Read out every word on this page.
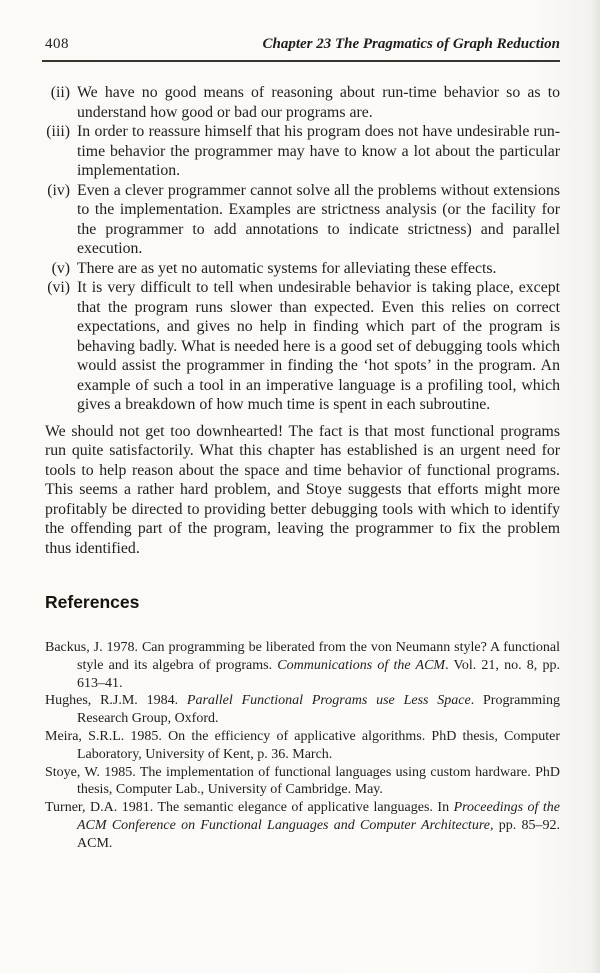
408	Chapter 23 The Pragmatics of Graph Reduction
(ii) We have no good means of reasoning about run-time behavior so as to understand how good or bad our programs are.
(iii) In order to reassure himself that his program does not have undesirable run-time behavior the programmer may have to know a lot about the particular implementation.
(iv) Even a clever programmer cannot solve all the problems without extensions to the implementation. Examples are strictness analysis (or the facility for the programmer to add annotations to indicate strictness) and parallel execution.
(v) There are as yet no automatic systems for alleviating these effects.
(vi) It is very difficult to tell when undesirable behavior is taking place, except that the program runs slower than expected. Even this relies on correct expectations, and gives no help in finding which part of the program is behaving badly. What is needed here is a good set of debugging tools which would assist the programmer in finding the ‘hot spots’ in the program. An example of such a tool in an imperative language is a profiling tool, which gives a breakdown of how much time is spent in each subroutine.

We should not get too downhearted! The fact is that most functional programs run quite satisfactorily. What this chapter has established is an urgent need for tools to help reason about the space and time behavior of functional programs. This seems a rather hard problem, and Stoye suggests that efforts might more profitably be directed to providing better debugging tools with which to identify the offending part of the program, leaving the programmer to fix the problem thus identified.

References

Backus, J. 1978. Can programming be liberated from the von Neumann style? A functional style and its algebra of programs. Communications of the ACM. Vol. 21, no. 8, pp. 613–41.

Hughes, R.J.M. 1984. Parallel Functional Programs use Less Space. Programming Research Group, Oxford.

Meira, S.R.L. 1985. On the efficiency of applicative algorithms. PhD thesis, Computer Laboratory, University of Kent, p. 36. March.

Stoye, W. 1985. The implementation of functional languages using custom hardware. PhD thesis, Computer Lab., University of Cambridge. May.

Turner, D.A. 1981. The semantic elegance of applicative languages. In Proceedings of the ACM Conference on Functional Languages and Computer Architecture, pp. 85–92. ACM.
